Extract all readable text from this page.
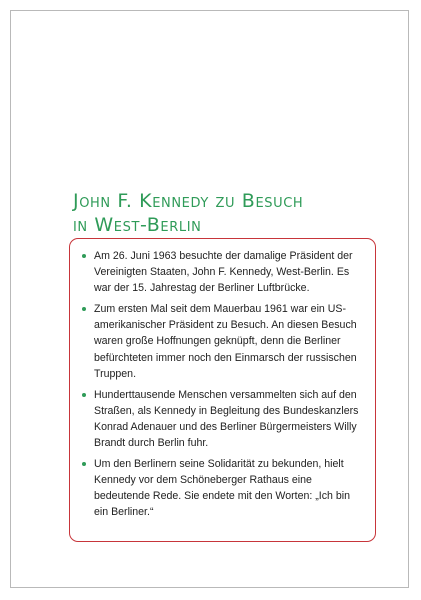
John F. Kennedy zu Besuch
in West-Berlin
Am 26. Juni 1963 besuchte der damalige Präsident der Vereinigten Staaten, John F. Kennedy, West-Berlin. Es war der 15. Jahrestag der Berliner Luftbrücke.
Zum ersten Mal seit dem Mauerbau 1961 war ein US-amerikanischer Präsident zu Besuch. An diesen Besuch waren große Hoffnungen geknüpft, denn die Berliner befürchteten immer noch den Einmarsch der russischen Truppen.
Hunderttausende Menschen versammelten sich auf den Straßen, als Kennedy in Begleitung des Bundeskanzlers Konrad Adenauer und des Berliner Bürgermeisters Willy Brandt durch Berlin fuhr.
Um den Berlinern seine Solidarität zu bekunden, hielt Kennedy vor dem Schöneberger Rathaus eine bedeutende Rede. Sie endete mit den Worten: „Ich bin ein Berliner.“
